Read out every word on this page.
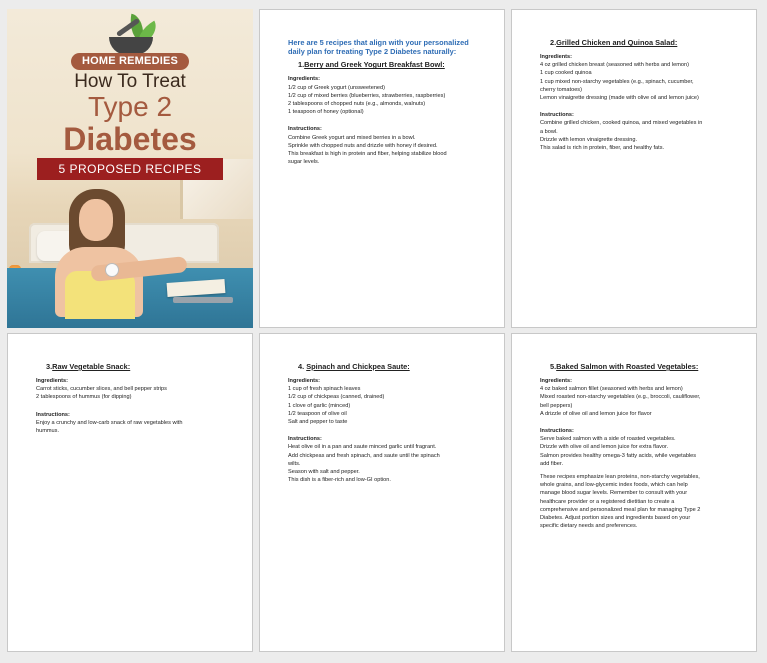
HOME REMEDIES
How To Treat
Type 2
Diabetes
5 PROPOSED RECIPES
Here are 5 recipes that align with your personalized daily plan for treating Type 2 Diabetes naturally:
1.Berry and Greek Yogurt Breakfast Bowl:
Ingredients:
1/2 cup of Greek yogurt (unsweetened)
1/2 cup of mixed berries (blueberries, strawberries, raspberries)
2 tablespoons of chopped nuts (e.g., almonds, walnuts)
1 teaspoon of honey (optional)
Instructions:
Combine Greek yogurt and mixed berries in a bowl.
Sprinkle with chopped nuts and drizzle with honey if desired.
This breakfast is high in protein and fiber, helping stabilize blood
sugar levels.
2.Grilled Chicken and Quinoa Salad:
Ingredients:
4 oz grilled chicken breast (seasoned with herbs and lemon)
1 cup cooked quinoa
1 cup mixed non-starchy vegetables (e.g., spinach, cucumber,
cherry tomatoes)
Lemon vinaigrette dressing (made with olive oil and lemon juice)
Instructions:
Combine grilled chicken, cooked quinoa, and mixed vegetables in
a bowl.
Drizzle with lemon vinaigrette dressing.
This salad is rich in protein, fiber, and healthy fats.
3.Raw Vegetable Snack:
Ingredients:
Carrot sticks, cucumber slices, and bell pepper strips
2 tablespoons of hummus (for dipping)
Instructions:
Enjoy a crunchy and low-carb snack of raw vegetables with
hummus.
4. Spinach and Chickpea Saute:
Ingredients:
1 cup of fresh spinach leaves
1/2 cup of chickpeas (canned, drained)
1 clove of garlic (minced)
1/2 teaspoon of olive oil
Salt and pepper to taste
Instructions:
Heat olive oil in a pan and saute minced garlic until fragrant.
Add chickpeas and fresh spinach, and saute until the spinach
wilts.
Season with salt and pepper.
This dish is a fiber-rich and low-GI option.
5.Baked Salmon with Roasted Vegetables:
Ingredients:
4 oz baked salmon fillet (seasoned with herbs and lemon)
Mixed roasted non-starchy vegetables (e.g., broccoli, cauliflower,
bell peppers)
A drizzle of olive oil and lemon juice for flavor
Instructions:
Serve baked salmon with a side of roasted vegetables.
Drizzle with olive oil and lemon juice for extra flavor.
Salmon provides healthy omega-3 fatty acids, while vegetables
add fiber.
These recipes emphasize lean proteins, non-starchy vegetables,
whole grains, and low-glycemic index foods, which can help
manage blood sugar levels. Remember to consult with your
healthcare provider or a registered dietitian to create a
comprehensive and personalized meal plan for managing Type 2
Diabetes. Adjust portion sizes and ingredients based on your
specific dietary needs and preferences.
